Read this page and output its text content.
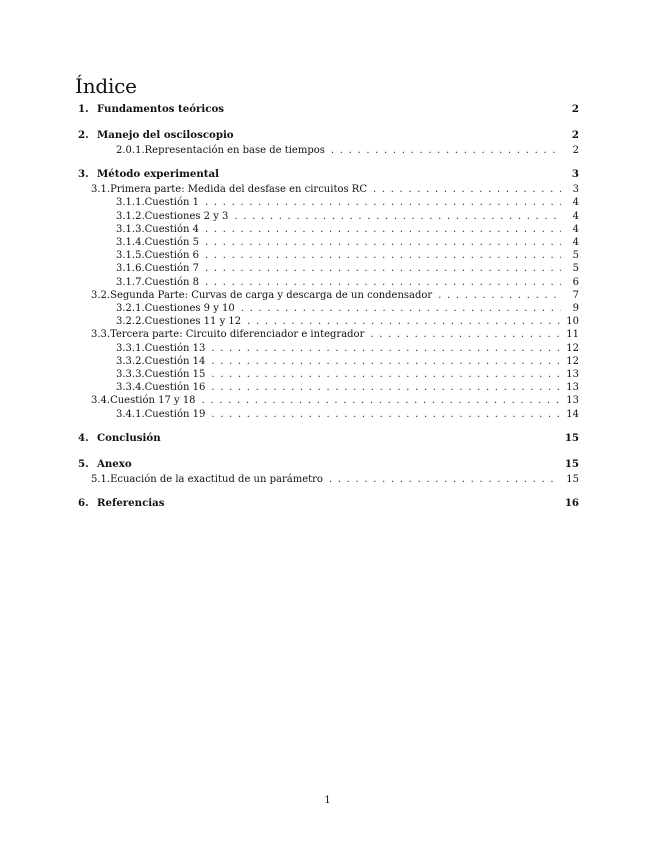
Índice
1. Fundamentos teóricos	2
2. Manejo del osciloscopio	2
2.0.1. Representación en base de tiempos . . .	2
3. Método experimental	3
3.1. Primera parte: Medida del desfase en circuitos RC . . .	3
3.1.1. Cuestión 1 . . .	4
3.1.2. Cuestiones 2 y 3 . . .	4
3.1.3. Cuestión 4 . . .	4
3.1.4. Cuestión 5 . . .	4
3.1.5. Cuestión 6 . . .	5
3.1.6. Cuestión 7 . . .	5
3.1.7. Cuestión 8 . . .	6
3.2. Segunda Parte: Curvas de carga y descarga de un condensador . . .	7
3.2.1. Cuestiones 9 y 10 . . .	9
3.2.2. Cuestiones 11 y 12 . . .	10
3.3. Tercera parte: Circuito diferenciador e integrador . . .	11
3.3.1. Cuestión 13 . . .	12
3.3.2. Cuestión 14 . . .	12
3.3.3. Cuestión 15 . . .	13
3.3.4. Cuestión 16 . . .	13
3.4. Cuestión 17 y 18 . . .	13
3.4.1. Cuestión 19 . . .	14
4. Conclusión	15
5. Anexo	15
5.1. Ecuación de la exactitud de un parámetro . . .	15
6. Referencias	16
1
